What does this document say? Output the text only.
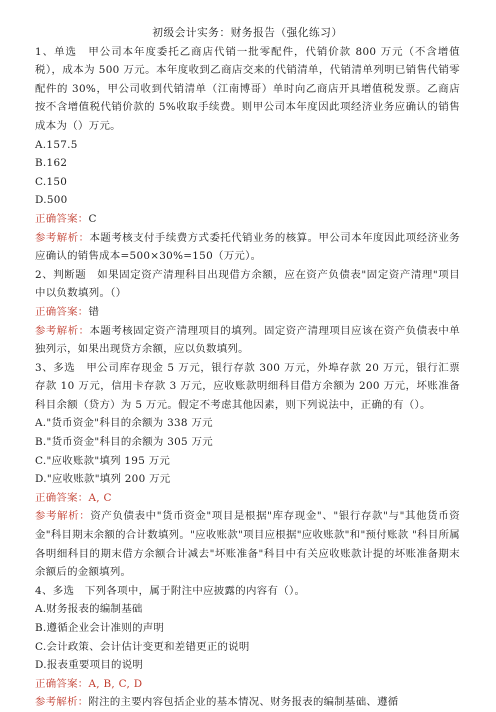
初级会计实务：财务报告（强化练习）

1、单选　甲公司本年度委托乙商店代销一批零配件，代销价款 800 万元（不含增值税），成本为 500 万元。本年度收到乙商店交来的代销清单，代销清单列明已销售代销零配件的 30%，甲公司收到代销清单（江南博哥）单时向乙商店开具增值税发票。乙商店按不含增值税代销价款的 5%收取手续费。则甲公司本年度因此项经济业务应确认的销售成本为（）万元。

A.157.5

B.162

C.150

D.500

正确答案：C

参考解析：本题考核支付手续费方式委托代销业务的核算。甲公司本年度因此项经济业务应确认的销售成本=500×30%=150（万元）。

2、判断题　如果固定资产清理科目出现借方余额，应在资产负债表"固定资产清理"项目中以负数填列。（）

正确答案：错

参考解析：本题考核固定资产清理项目的填列。固定资产清理项目应该在资产负债表中单独列示，如果出现贷方余额，应以负数填列。

3、多选　甲公司库存现金 5 万元，银行存款 300 万元，外埠存款 20 万元，银行汇票存款 10 万元，信用卡存款 3 万元，应收账款明细科目借方余额为 200 万元，坏账准备科目余额（贷方）为 5 万元。假定不考虑其他因素，则下列说法中，正确的有（）。

A."货币资金"科目的余额为 338 万元

B."货币资金"科目的余额为 305 万元

C."应收账款"填列 195 万元

D."应收账款"填列 200 万元

正确答案：A, C

参考解析：资产负债表中"货币资金"项目是根据"库存现金"、"银行存款"与"其他货币资金"科目期末余额的合计数填列。"应收账款"项目应根据"应收账款"和"预付账款 "科目所属各明细科目的期末借方余额合计减去"坏账准备"科目中有关应收账款计提的坏账准备期末余额后的金额填列。

4、多选　下列各项中，属于附注中应披露的内容有（）。

A.财务报表的编制基础

B.遵循企业会计准则的声明

C.会计政策、会计估计变更和差错更正的说明

D.报表重要项目的说明

正确答案：A, B, C, D

参考解析：附注的主要内容包括企业的基本情况、财务报表的编制基础、遵循
